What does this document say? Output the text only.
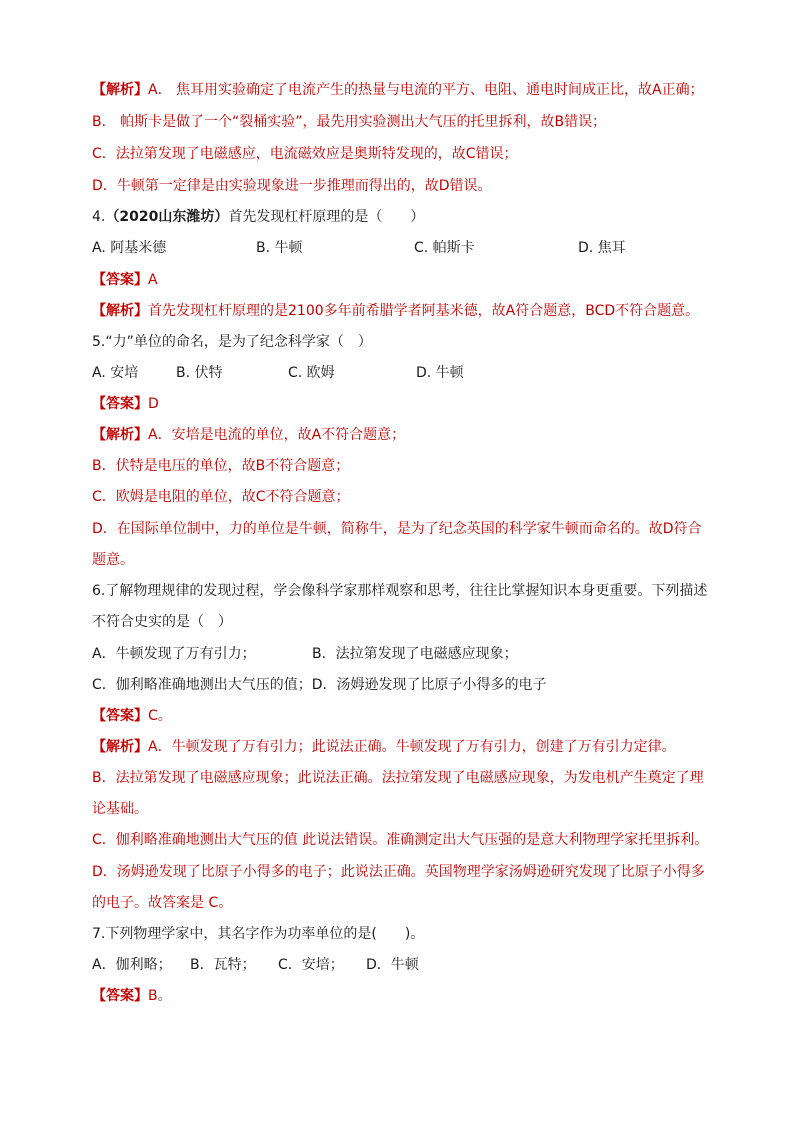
【解析】A． 焦耳用实验确定了电流产生的热量与电流的平方、电阻、通电时间成正比，故A正确；
B． 帕斯卡是做了一个“裂桶实验”，最先用实验测出大气压的托里拆利，故B错误；
C．法拉第发现了电磁感应，电流磁效应是奥斯特发现的，故C错误；
D．牛顿第一定律是由实验现象进一步推理而得出的，故D错误。
4.（2020山东潍坊）首先发现杠杆原理的是（　　）
A. 阿基米德	B. 牛顿	C. 帕斯卡	D. 焦耳
【答案】A
【解析】首先发现杠杆原理的是2100多年前希腊学者阿基米德，故A符合题意，BCD不符合题意。
5.“力”单位的命名，是为了纪念科学家（　）
A. 安培	B. 伏特	C. 欧姆	D. 牛顿
【答案】D
【解析】A．安培是电流的单位，故A不符合题意；
B．伏特是电压的单位，故B不符合题意；
C．欧姆是电阻的单位，故C不符合题意；
D．在国际单位制中，力的单位是牛顿，简称牛，是为了纪念英国的科学家牛顿而命名的。故D符合
题意。
6.了解物理规律的发现过程，学会像科学家那样观察和思考，往往比掌握知识本身更重要。下列描述
不符合史实的是（　）
A．牛顿发现了万有引力；	B．法拉第发现了电磁感应现象；
C．伽利略准确地测出大气压的值；D．汤姆逊发现了比原子小得多的电子
【答案】C。
【解析】A．牛顿发现了万有引力；此说法正确。牛顿发现了万有引力，创建了万有引力定律。
B．法拉第发现了电磁感应现象；此说法正确。法拉第发现了电磁感应现象，为发电机产生奠定了理
论基础。
C．伽利略准确地测出大气压的值 此说法错误。准确测定出大气压强的是意大利物理学家托里拆利。
D．汤姆逊发现了比原子小得多的电子；此说法正确。英国物理学家汤姆逊研究发现了比原子小得多
的电子。故答案是 C。
7.下列物理学家中，其名字作为功率单位的是(　　)。
A．伽利略； B．瓦特； C．安培； D．牛顿
【答案】B。
